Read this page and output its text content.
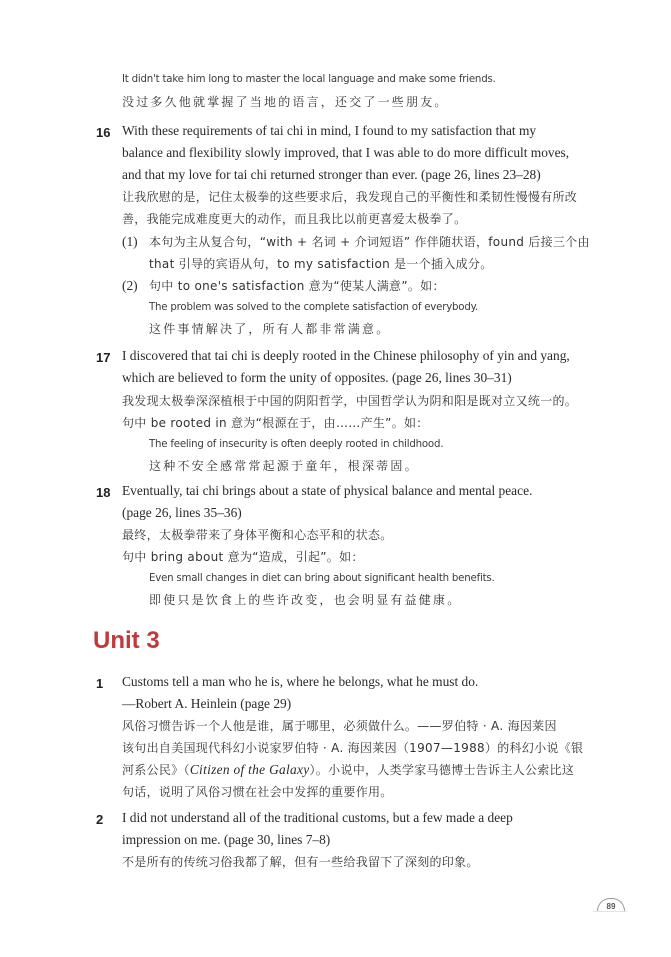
It didn't take him long to master the local language and make some friends.
没过多久他就掌握了当地的语言，还交了一些朋友。
16 With these requirements of tai chi in mind, I found to my satisfaction that my
balance and flexibility slowly improved, that I was able to do more difficult moves,
and that my love for tai chi returned stronger than ever. (page 26, lines 23–28)
让我欣慰的是，记住太极拳的这些要求后，我发现自己的平衡性和柔韧性慢慢有所改
善，我能完成难度更大的动作，而且我比以前更喜爱太极拳了。
(1) 本句为主从复合句，“with + 名词 + 介词短语” 作伴随状语，found 后接三个由
that 引导的宾语从句，to my satisfaction 是一个插入成分。
(2) 句中 to one's satisfaction 意为“使某人满意”。如：
The problem was solved to the complete satisfaction of everybody.
这件事情解决了，所有人都非常满意。
17 I discovered that tai chi is deeply rooted in the Chinese philosophy of yin and yang,
which are believed to form the unity of opposites. (page 26, lines 30–31)
我发现太极拳深深植根于中国的阴阳哲学，中国哲学认为阴和阳是既对立又统一的。
句中 be rooted in 意为“根源在于，由……产生”。如：
The feeling of insecurity is often deeply rooted in childhood.
这种不安全感常常起源于童年，根深蒂固。
18 Eventually, tai chi brings about a state of physical balance and mental peace.
(page 26, lines 35–36)
最终，太极拳带来了身体平衡和心态平和的状态。
句中 bring about 意为“造成，引起”。如：
Even small changes in diet can bring about significant health benefits.
即使只是饮食上的些许改变，也会明显有益健康。
Unit 3
1 Customs tell a man who he is, where he belongs, what he must do.
—Robert A. Heinlein (page 29)
风俗习惯告诉一个人他是谁，属于哪里，必须做什么。——罗伯特 · A. 海因莱因
该句出自美国现代科幻小说家罗伯特 · A. 海因莱因（1907—1988）的科幻小说《银
河系公民》（Citizen of the Galaxy）。小说中，人类学家马德博士告诉主人公索比这
句话，说明了风俗习惯在社会中发挥的重要作用。
2 I did not understand all of the traditional customs, but a few made a deep
impression on me. (page 30, lines 7–8)
不是所有的传统习俗我都了解，但有一些给我留下了深刻的印象。
89
